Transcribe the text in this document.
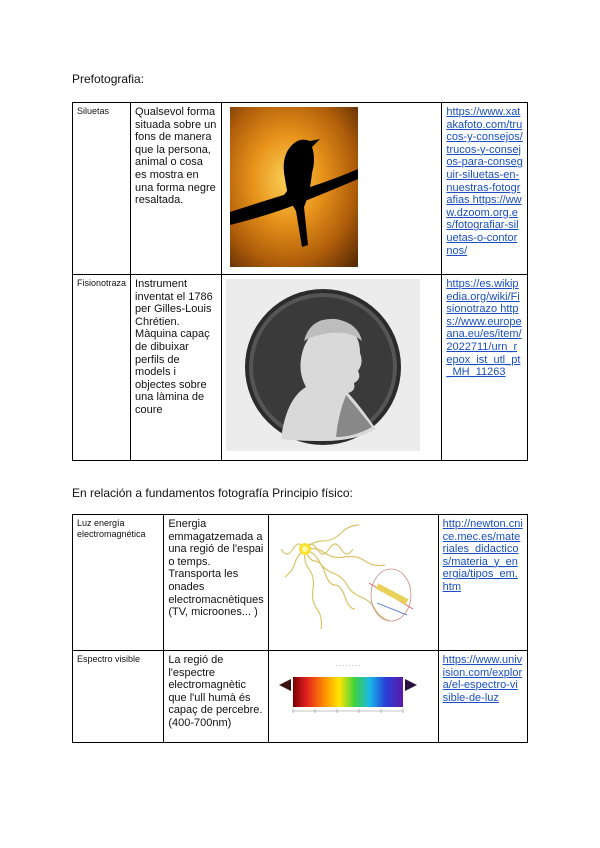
Prefotografia:
Siluetas	Qualsevol forma situada sobre un fons de manera que la persona, animal o cosa es mostra en una forma negre resaltada.		https://www.xatakafoto.com/trucos-y-consejos/trucos-y-consejos-para-conseguir-siluetas-en-nuestras-fotografias https://www.dzoom.org.es/fotografiar-siluetas-o-contornos/
Fisionotraza	Instrument inventat el 1786 per Gilles-Louis Chrétien. Màquina capaç de dibuixar perfils de models i objectes sobre una làmina de coure	· · · · · · · ·	https://es.wikipedia.org/wiki/Fisionotrazo https://www.europeana.eu/es/item/2022711/urn_repox_ist_utl_pt_MH_11263
En relación a fundamentos fotografía Principio físico:
Luz energía electromagnética	Energia emmagatzemada a una regió de l'espai o temps. Transporta les onades electromacnètiques (TV, microones... )		http://newton.cnice.mec.es/materiales_didacticos/materia_y_energia/tipos_em.htm
Espectro visible	La regió de l'espectre electromagnètic que l'ull humà és capaç de percebre. (400-700nm)	· · · · · · · ·	https://www.univision.com/explora/el-espectro-visible-de-luz
